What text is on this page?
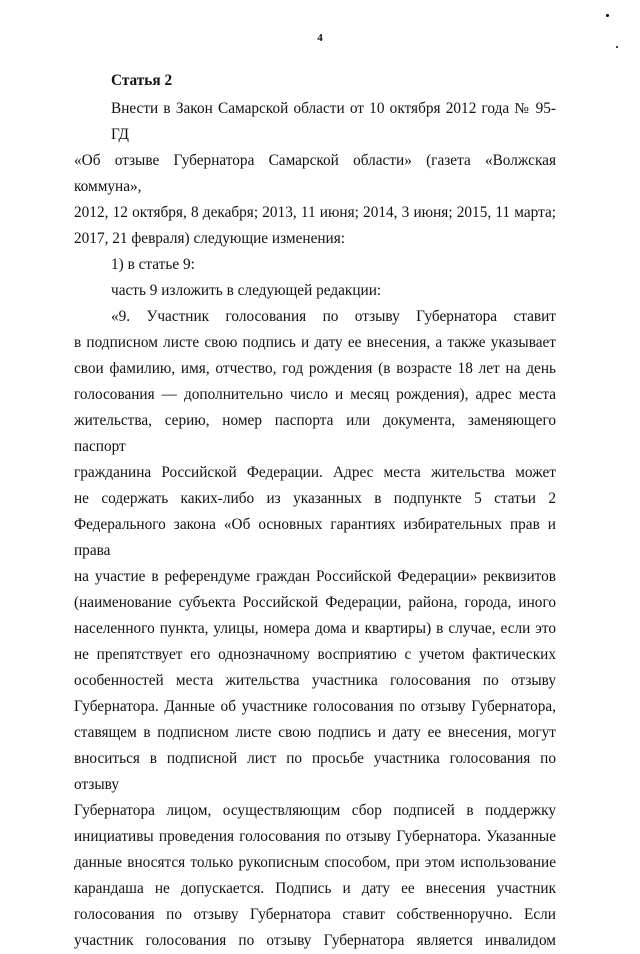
4
Статья 2
Внести в Закон Самарской области от 10 октября 2012 года № 95-ГД
«Об отзыве Губернатора Самарской области» (газета «Волжская коммуна»,
2012, 12 октября, 8 декабря; 2013, 11 июня; 2014, 3 июня; 2015, 11 марта;
2017, 21 февраля) следующие изменения:
1) в статье 9:
часть 9 изложить в следующей редакции:
«9. Участник голосования по отзыву Губернатора ставит
в подписном листе свою подпись и дату ее внесения, а также указывает
свои фамилию, имя, отчество, год рождения (в возрасте 18 лет на день
голосования — дополнительно число и месяц рождения), адрес места
жительства, серию, номер паспорта или документа, заменяющего паспорт
гражданина Российской Федерации. Адрес места жительства может
не содержать каких-либо из указанных в подпункте 5 статьи 2
Федерального закона «Об основных гарантиях избирательных прав и права
на участие в референдуме граждан Российской Федерации» реквизитов
(наименование субъекта Российской Федерации, района, города, иного
населенного пункта, улицы, номера дома и квартиры) в случае, если это
не препятствует его однозначному восприятию с учетом фактических
особенностей места жительства участника голосования по отзыву
Губернатора. Данные об участнике голосования по отзыву Губернатора,
ставящем в подписном листе свою подпись и дату ее внесения, могут
вноситься в подписной лист по просьбе участника голосования по отзыву
Губернатора лицом, осуществляющим сбор подписей в поддержку
инициативы проведения голосования по отзыву Губернатора. Указанные
данные вносятся только рукописным способом, при этом использование
карандаша не допускается. Подпись и дату ее внесения участник
голосования по отзыву Губернатора ставит собственноручно. Если
участник голосования по отзыву Губернатора является инвалидом
